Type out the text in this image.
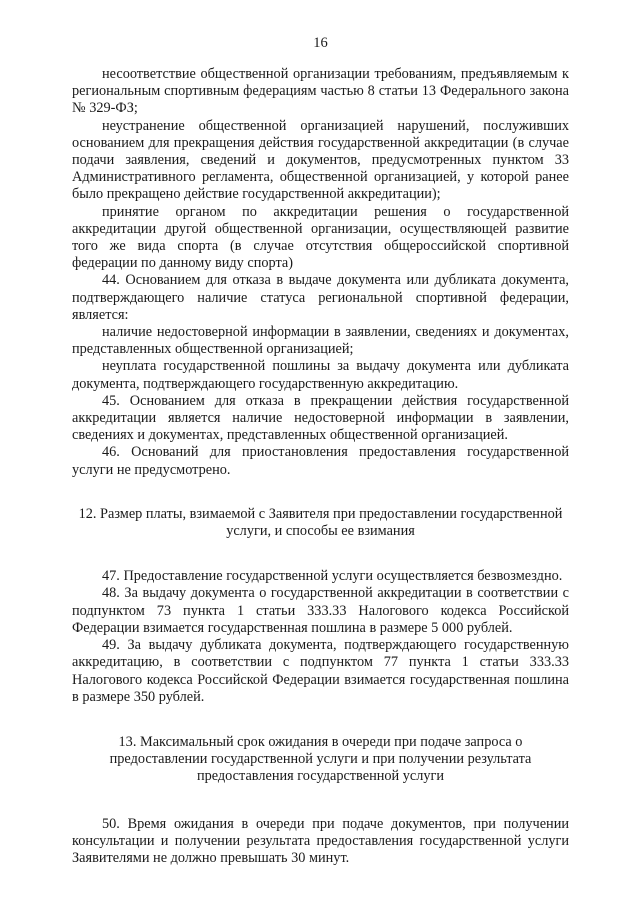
16

несоответствие общественной организации требованиям, предъявляемым к региональным спортивным федерациям частью 8 статьи 13 Федерального закона № 329-ФЗ;

неустранение общественной организацией нарушений, послуживших основанием для прекращения действия государственной аккредитации (в случае подачи заявления, сведений и документов, предусмотренных пунктом 33 Административного регламента, общественной организацией, у которой ранее было прекращено действие государственной аккредитации);

принятие органом по аккредитации решения о государственной аккредитации другой общественной организации, осуществляющей развитие того же вида спорта (в случае отсутствия общероссийской спортивной федерации по данному виду спорта)

44. Основанием для отказа в выдаче документа или дубликата документа, подтверждающего наличие статуса региональной спортивной федерации, является:

наличие недостоверной информации в заявлении, сведениях и документах, представленных общественной организацией;

неуплата государственной пошлины за выдачу документа или дубликата документа, подтверждающего государственную аккредитацию.

45. Основанием для отказа в прекращении действия государственной аккредитации является наличие недостоверной информации в заявлении, сведениях и документах, представленных общественной организацией.

46. Оснований для приостановления предоставления государственной услуги не предусмотрено.

12. Размер платы, взимаемой с Заявителя при предоставлении государственной услуги, и способы ее взимания

47. Предоставление государственной услуги осуществляется безвозмездно.

48. За выдачу документа о государственной аккредитации в соответствии с подпунктом 73 пункта 1 статьи 333.33 Налогового кодекса Российской Федерации взимается государственная пошлина в размере 5 000 рублей.

49. За выдачу дубликата документа, подтверждающего государственную аккредитацию, в соответствии с подпунктом 77 пункта 1 статьи 333.33 Налогового кодекса Российской Федерации взимается государственная пошлина в размере 350 рублей.

13. Максимальный срок ожидания в очереди при подаче запроса о предоставлении государственной услуги и при получении результата предоставления государственной услуги

50. Время ожидания в очереди при подаче документов, при получении консультации и получении результата предоставления государственной услуги Заявителями не должно превышать 30 минут.
